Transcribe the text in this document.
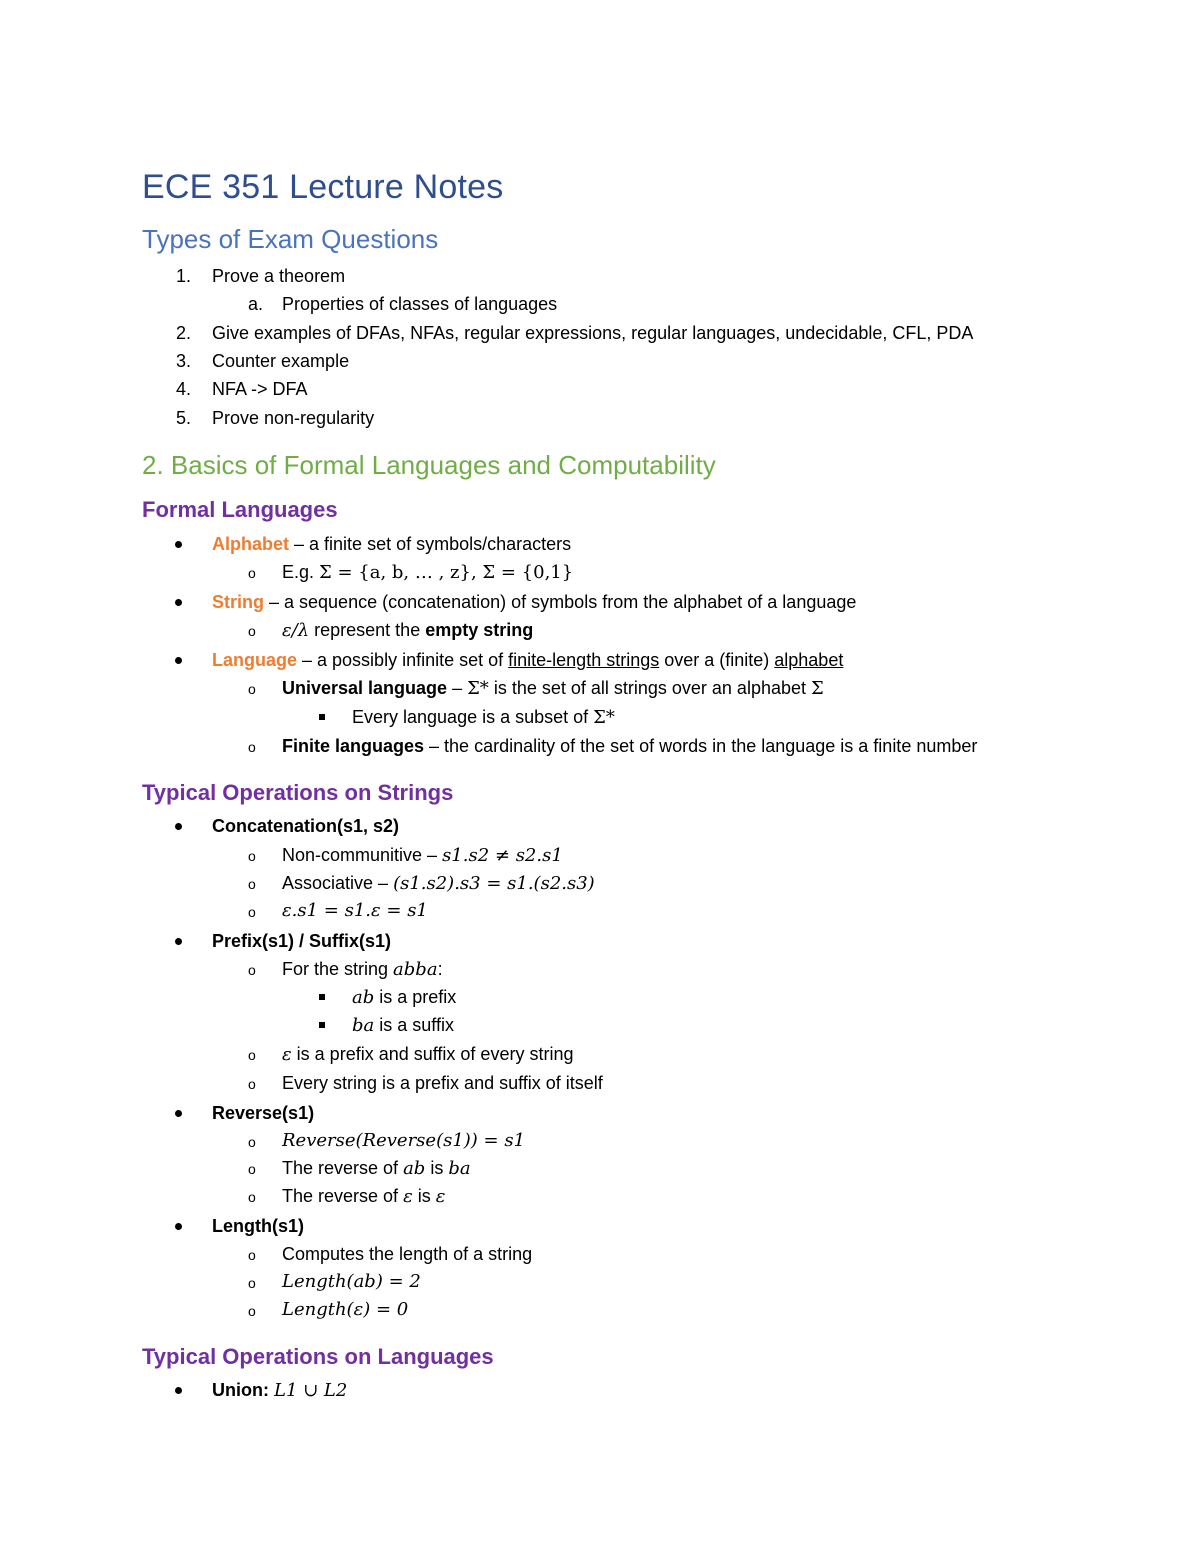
ECE 351 Lecture Notes
Types of Exam Questions
1. Prove a theorem
a. Properties of classes of languages
2. Give examples of DFAs, NFAs, regular expressions, regular languages, undecidable, CFL, PDA
3. Counter example
4. NFA -> DFA
5. Prove non-regularity
2. Basics of Formal Languages and Computability
Formal Languages
Alphabet – a finite set of symbols/characters
o E.g. Σ = {a, b, … , z}, Σ = {0,1}
String – a sequence (concatenation) of symbols from the alphabet of a language
o ε/λ represent the empty string
Language – a possibly infinite set of finite-length strings over a (finite) alphabet
o Universal language – Σ* is the set of all strings over an alphabet Σ
Every language is a subset of Σ*
o Finite languages – the cardinality of the set of words in the language is a finite number
Typical Operations on Strings
Concatenation(s1, s2)
o Non-communitive – s1.s2 ≠ s2.s1
o Associative – (s1.s2).s3 = s1.(s2.s3)
o ε.s1 = s1.ε = s1
Prefix(s1) / Suffix(s1)
o For the string abba:
ab is a prefix
ba is a suffix
o ε is a prefix and suffix of every string
o Every string is a prefix and suffix of itself
Reverse(s1)
o Reverse(Reverse(s1)) = s1
o The reverse of ab is ba
o The reverse of ε is ε
Length(s1)
o Computes the length of a string
o Length(ab) = 2
o Length(ε) = 0
Typical Operations on Languages
Union: L1 ∪ L2
